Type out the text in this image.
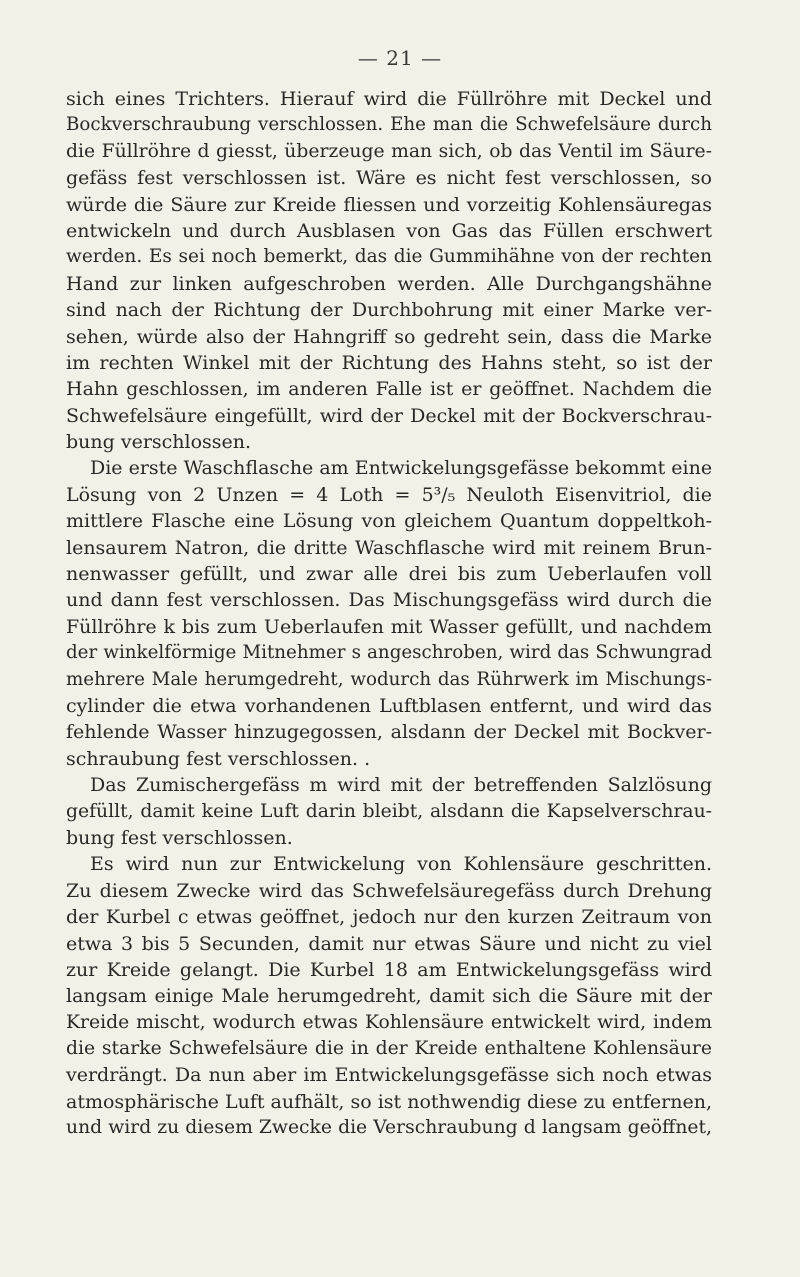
— 21 —
sich eines Trichters. Hierauf wird die Füllröhre mit Deckel und
Bockverschraubung verschlossen. Ehe man die Schwefelsäure durch
die Füllröhre d giesst, überzeuge man sich, ob das Ventil im Säure-
gefäss fest verschlossen ist. Wäre es nicht fest verschlossen, so
würde die Säure zur Kreide fliessen und vorzeitig Kohlensäuregas
entwickeln und durch Ausblasen von Gas das Füllen erschwert
werden. Es sei noch bemerkt, das die Gummihähne von der rechten
Hand zur linken aufgeschroben werden. Alle Durchgangshähne
sind nach der Richtung der Durchbohrung mit einer Marke ver-
sehen, würde also der Hahngriff so gedreht sein, dass die Marke
im rechten Winkel mit der Richtung des Hahns steht, so ist der
Hahn geschlossen, im anderen Falle ist er geöffnet. Nachdem die
Schwefelsäure eingefüllt, wird der Deckel mit der Bockverschrau-
bung verschlossen.
Die erste Waschflasche am Entwickelungsgefässe bekommt eine
Lösung von 2 Unzen = 4 Loth = 5³/₅ Neuloth Eisenvitriol, die
mittlere Flasche eine Lösung von gleichem Quantum doppeltkoh-
lensaurem Natron, die dritte Waschflasche wird mit reinem Brun-
nenwasser gefüllt, und zwar alle drei bis zum Ueberlaufen voll
und dann fest verschlossen. Das Mischungsgefäss wird durch die
Füllröhre k bis zum Ueberlaufen mit Wasser gefüllt, und nachdem
der winkelförmige Mitnehmer s angeschroben, wird das Schwungrad
mehrere Male herumgedreht, wodurch das Rührwerk im Mischungs-
cylinder die etwa vorhandenen Luftblasen entfernt, und wird das
fehlende Wasser hinzugegossen, alsdann der Deckel mit Bockver-
schraubung fest verschlossen. .
Das Zumischergefäss m wird mit der betreffenden Salzlösung
gefüllt, damit keine Luft darin bleibt, alsdann die Kapselverschrau-
bung fest verschlossen.
Es wird nun zur Entwickelung von Kohlensäure geschritten.
Zu diesem Zwecke wird das Schwefelsäuregefäss durch Drehung
der Kurbel c etwas geöffnet, jedoch nur den kurzen Zeitraum von
etwa 3 bis 5 Secunden, damit nur etwas Säure und nicht zu viel
zur Kreide gelangt. Die Kurbel 18 am Entwickelungsgefäss wird
langsam einige Male herumgedreht, damit sich die Säure mit der
Kreide mischt, wodurch etwas Kohlensäure entwickelt wird, indem
die starke Schwefelsäure die in der Kreide enthaltene Kohlensäure
verdrängt. Da nun aber im Entwickelungsgefässe sich noch etwas
atmosphärische Luft aufhält, so ist nothwendig diese zu entfernen,
und wird zu diesem Zwecke die Verschraubung d langsam geöffnet,
